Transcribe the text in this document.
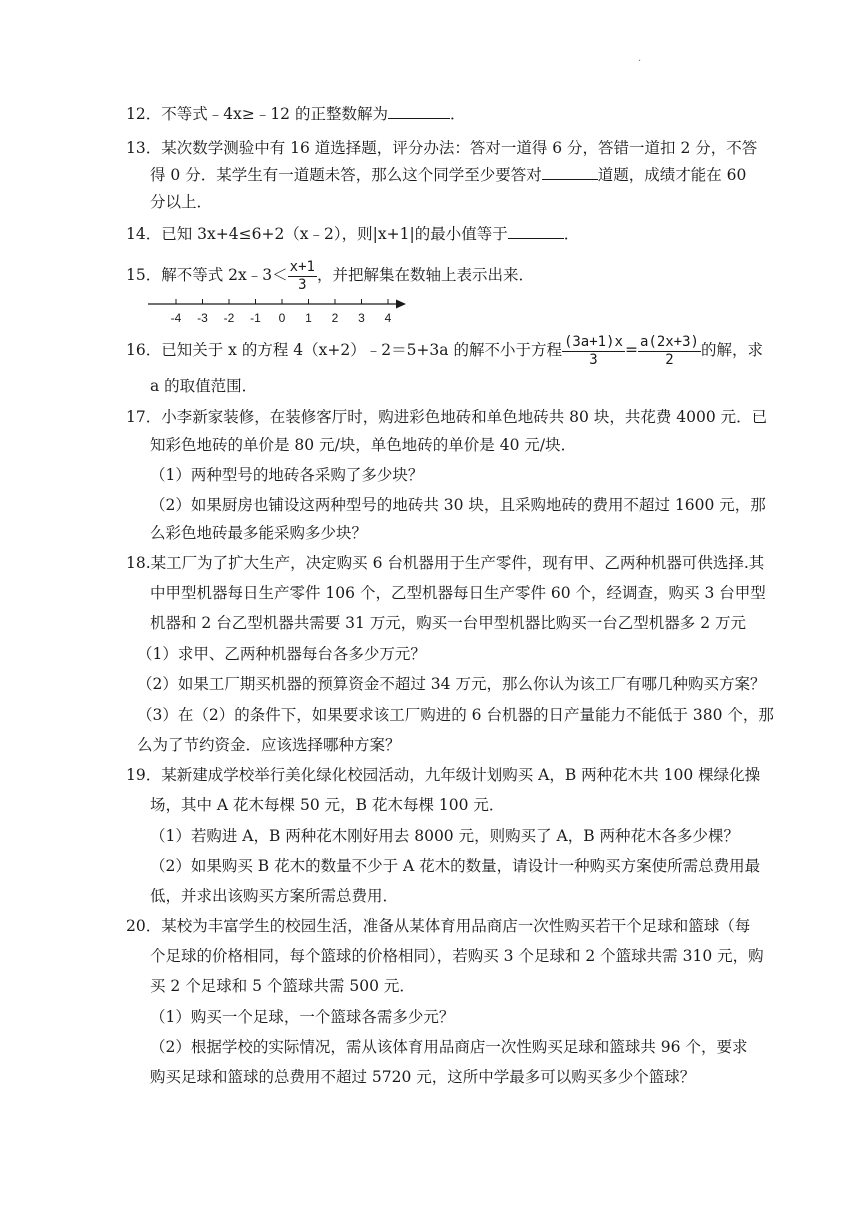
·
12．不等式﹣4x≥﹣12 的正整数解为	．
13．某次数学测验中有 16 道选择题，评分办法：答对一道得 6 分，答错一道扣 2 分，不答
得 0 分．某学生有一道题未答，那么这个同学至少要答对	道题，成绩才能在 60
分以上．
14．已知 3x+4≤6+2（x﹣2），则|x+1|的最小值等于	．
15．解不等式 2x﹣3＜ $\frac{x+1}{3}$ ，并把解集在数轴上表示出来．
-4 -3 -2 -1 0 1 2 3 4
16．已知关于 x 的方程 4（x+2）﹣2＝5+3a 的解不小于方程 $\frac{(3a+1)x}{3} = \frac{a(2x+3)}{2}$ 的解，求
a 的取值范围．
17．小李新家装修，在装修客厅时，购进彩色地砖和单色地砖共 80 块，共花费 4000 元．已
知彩色地砖的单价是 80 元/块，单色地砖的单价是 40 元/块．
（1）两种型号的地砖各采购了多少块？
（2）如果厨房也铺设这两种型号的地砖共 30 块，且采购地砖的费用不超过 1600 元，那
么彩色地砖最多能采购多少块？
18.某工厂为了扩大生产，决定购买 6 台机器用于生产零件，现有甲、乙两种机器可供选择.其
中甲型机器每日生产零件 106 个，乙型机器每日生产零件 60 个，经调查，购买 3 台甲型
机器和 2 台乙型机器共需要 31 万元，购买一台甲型机器比购买一台乙型机器多 2 万元
（1）求甲、乙两种机器每台各多少万元？
（2）如果工厂期买机器的预算资金不超过 34 万元，那么你认为该工厂有哪几种购买方案？
（3）在（2）的条件下，如果要求该工厂购进的 6 台机器的日产量能力不能低于 380 个，那
么为了节约资金．应该选择哪种方案？
19．某新建成学校举行美化绿化校园活动，九年级计划购买 A，B 两种花木共 100 棵绿化操
场，其中 A 花木每棵 50 元，B 花木每棵 100 元．
（1）若购进 A，B 两种花木刚好用去 8000 元，则购买了 A，B 两种花木各多少棵？
（2）如果购买 B 花木的数量不少于 A 花木的数量，请设计一种购买方案使所需总费用最
低，并求出该购买方案所需总费用．
20．某校为丰富学生的校园生活，准备从某体育用品商店一次性购买若干个足球和篮球（每
个足球的价格相同，每个篮球的价格相同），若购买 3 个足球和 2 个篮球共需 310 元，购
买 2 个足球和 5 个篮球共需 500 元．
（1）购买一个足球，一个篮球各需多少元？
（2）根据学校的实际情况，需从该体育用品商店一次性购买足球和篮球共 96 个，要求
购买足球和篮球的总费用不超过 5720 元，这所中学最多可以购买多少个篮球？
